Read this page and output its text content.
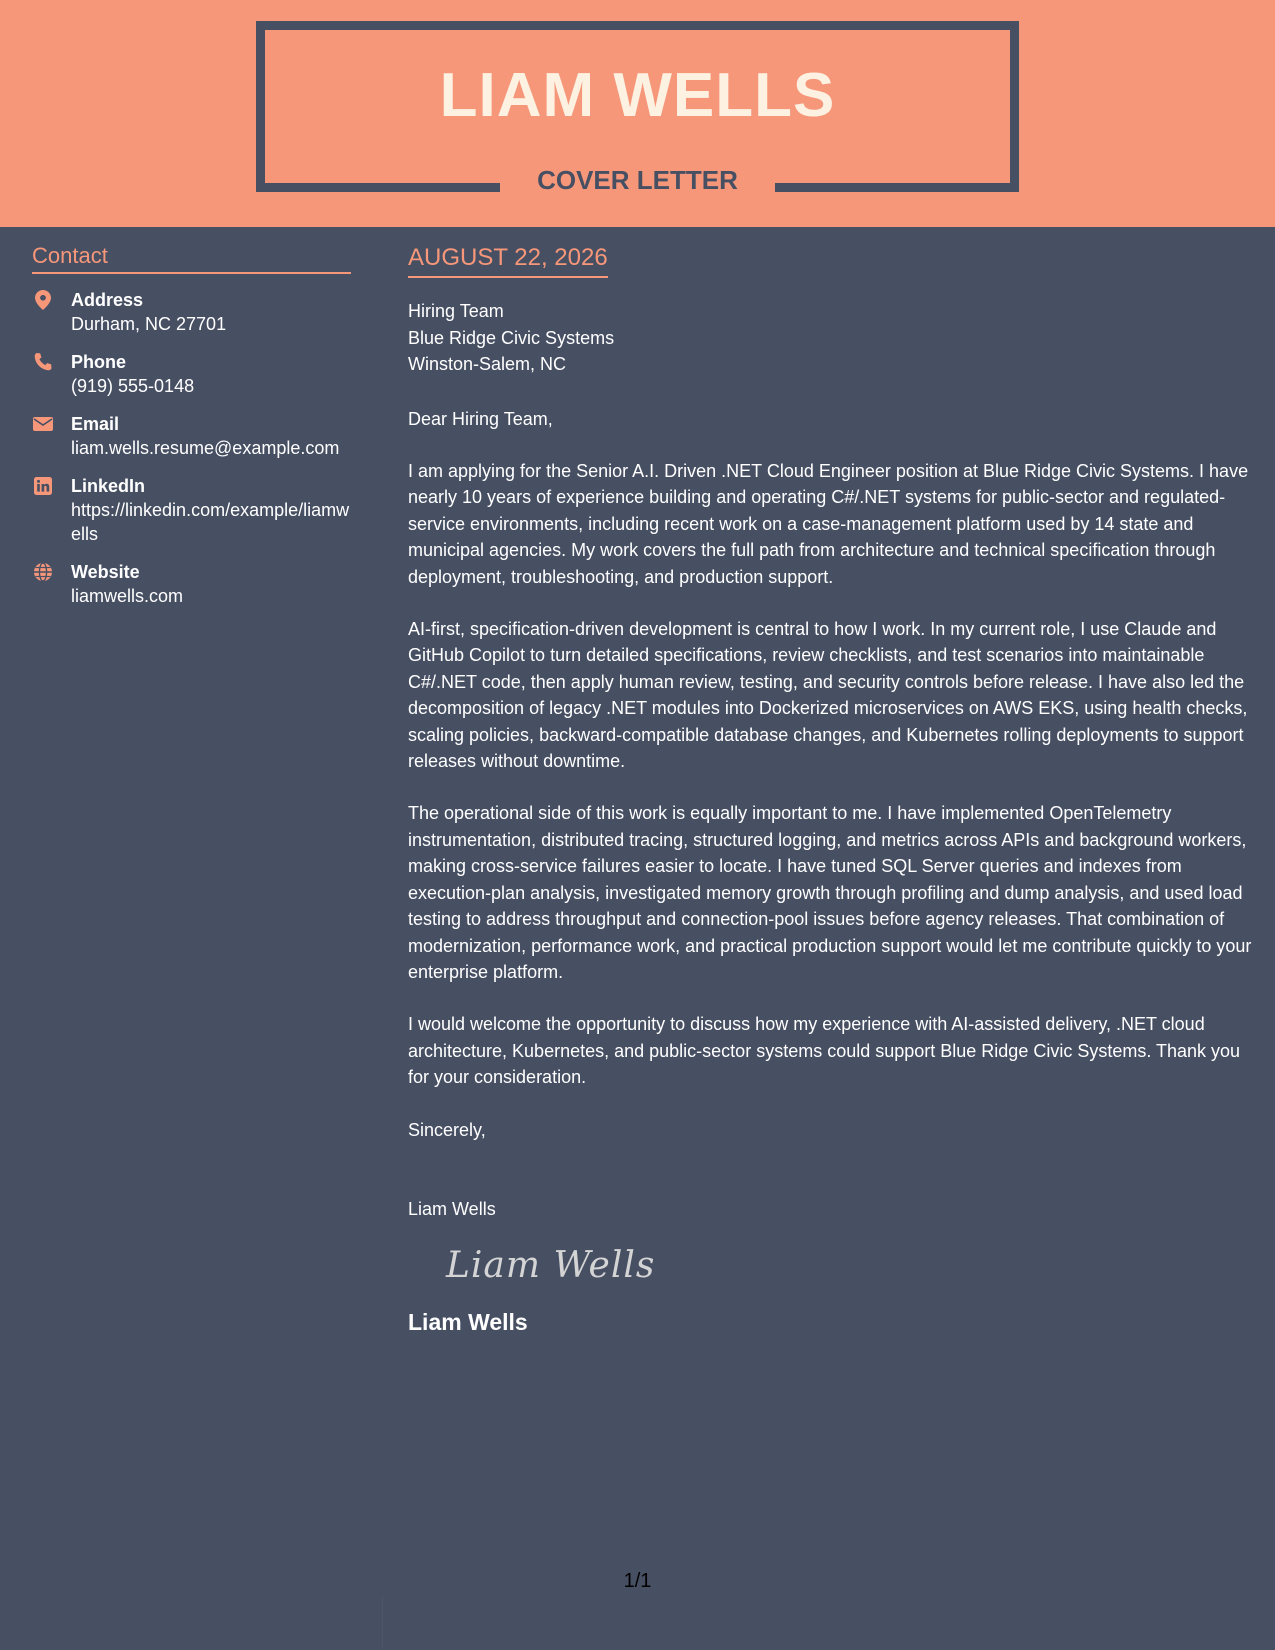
LIAM WELLS
COVER LETTER
Contact
Address
Durham, NC 27701
Phone
(919) 555-0148
Email
liam.wells.resume@example.com
LinkedIn
https://linkedin.com/example/liamwells
Website
liamwells.com
AUGUST 22, 2026
Hiring Team
Blue Ridge Civic Systems
Winston-Salem, NC
Dear Hiring Team,

I am applying for the Senior A.I. Driven .NET Cloud Engineer position at Blue Ridge Civic Systems. I have nearly 10 years of experience building and operating C#/.NET systems for public-sector and regulated-service environments, including recent work on a case-management platform used by 14 state and municipal agencies. My work covers the full path from architecture and technical specification through deployment, troubleshooting, and production support.

AI-first, specification-driven development is central to how I work. In my current role, I use Claude and GitHub Copilot to turn detailed specifications, review checklists, and test scenarios into maintainable C#/.NET code, then apply human review, testing, and security controls before release. I have also led the decomposition of legacy .NET modules into Dockerized microservices on AWS EKS, using health checks, scaling policies, backward-compatible database changes, and Kubernetes rolling deployments to support releases without downtime.

The operational side of this work is equally important to me. I have implemented OpenTelemetry instrumentation, distributed tracing, structured logging, and metrics across APIs and background workers, making cross-service failures easier to locate. I have tuned SQL Server queries and indexes from execution-plan analysis, investigated memory growth through profiling and dump analysis, and used load testing to address throughput and connection-pool issues before agency releases. That combination of modernization, performance work, and practical production support would let me contribute quickly to your enterprise platform.

I would welcome the opportunity to discuss how my experience with AI-assisted delivery, .NET cloud architecture, Kubernetes, and public-sector systems could support Blue Ridge Civic Systems. Thank you for your consideration.

Sincerely,
Liam Wells
Liam Wells
Liam Wells
1/1
